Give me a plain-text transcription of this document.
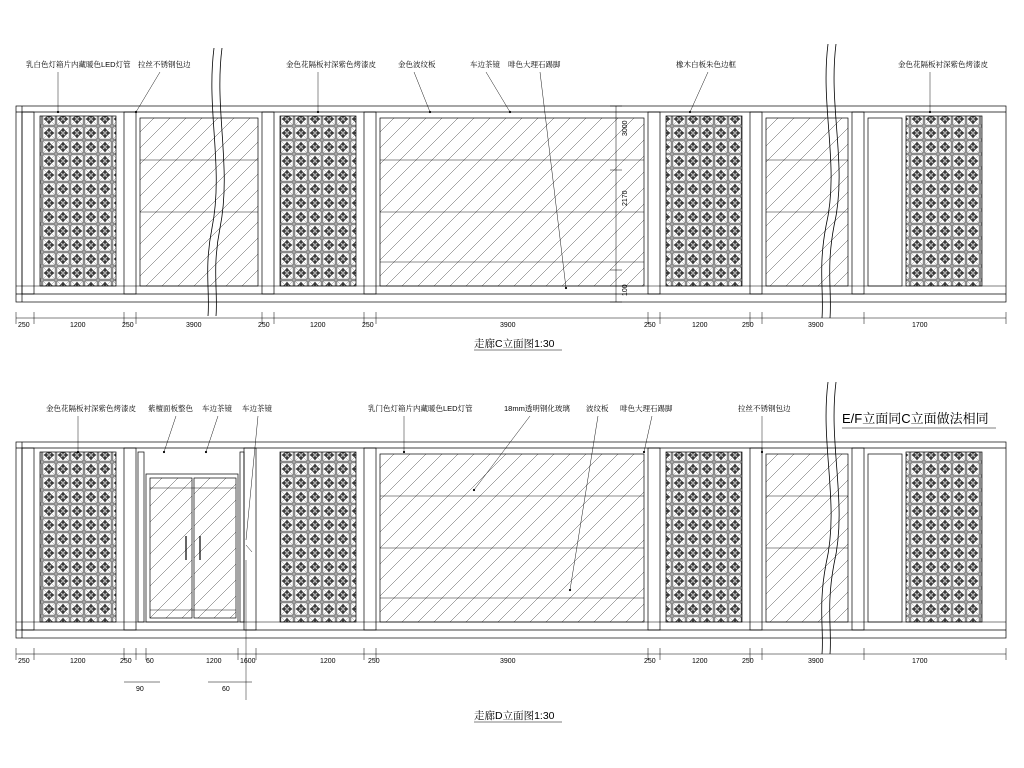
乳白色灯箱片内藏暖色LED灯管 拉丝不锈钢包边	金色花隔板衬深紫色烤漆皮	金色波纹板	车边茶镜 啡色大理石踢脚	橡木白板朱色边框	金色花隔板衬深紫色烤漆皮
250	1200	250	3900	250	1200	250	3900	250	1200	250	3900	1700
3000
2170
100
走廊C立面图1:30
E/F立面同C立面做法相同
金色花隔板衬深紫色烤漆皮 紫檀面板整色 车边茶镜 车边茶镜	乳门色灯箱片内藏暖色LED灯管	18mm透明钢化玻璃 波纹板 啡色大理石踢脚	拉丝不锈钢包边
250	1200	250 60	1200	1600	1200	250	3900	250	1200	250	3900	1700
90	60
走廊D立面图1:30
